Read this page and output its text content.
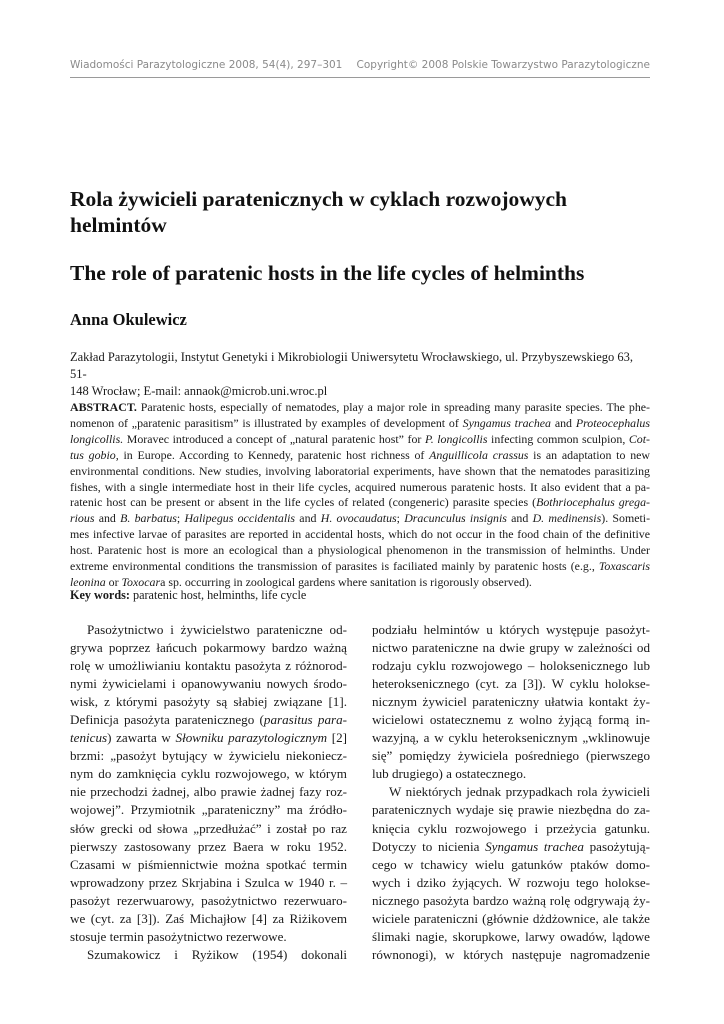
Wiadomości Parazytologiczne 2008, 54(4), 297–301 Copyright© 2008 Polskie Towarzystwo Parazytologiczne
Rola żywicieli paratenicznych w cyklach rozwojowych
helmintów
The role of paratenic hosts in the life cycles of helminths
Anna Okulewicz
Zakład Parazytologii, Instytut Genetyki i Mikrobiologii Uniwersytetu Wrocławskiego, ul. Przybyszewskiego 63, 51-
148 Wrocław; E-mail: annaok@microb.uni.wroc.pl
ABSTRACT. Paratenic hosts, especially of nematodes, play a major role in spreading many parasite species. The phe-
nomenon of „paratenic parasitism” is illustrated by examples of development of Syngamus trachea and Proteocephalus
longicollis. Moravec introduced a concept of „natural paratenic host” for P. longicollis infecting common sculpion, Cot-
tus gobio, in Europe. According to Kennedy, paratenic host richness of Anguillicola crassus is an adaptation to new
environmental conditions. New studies, involving laboratorial experiments, have shown that the nematodes parasitizing
fishes, with a single intermediate host in their life cycles, acquired numerous paratenic hosts. It also evident that a pa-
ratenic host can be present or absent in the life cycles of related (congeneric) parasite species (Bothriocephalus grega-
rious and B. barbatus; Halipegus occidentalis and H. ovocaudatus; Dracunculus insignis and D. medinensis). Someti-
mes infective larvae of parasites are reported in accidental hosts, which do not occur in the food chain of the definitive
host. Paratenic host is more an ecological than a physiological phenomenon in the transmission of helminths. Under
extreme environmental conditions the transmission of parasites is faciliated mainly by paratenic hosts (e.g., Toxascaris
leonina or Toxocara sp. occurring in zoological gardens where sanitation is rigorously observed).
Key words: paratenic host, helminths, life cycle
Pasożytnictwo i żywicielstwo parateniczne od-
grywa poprzez łańcuch pokarmowy bardzo ważną
rolę w umożliwianiu kontaktu pasożyta z różnorod-
nymi żywicielami i opanowywaniu nowych środo-
wisk, z którymi pasożyty są słabiej związane [1].
Definicja pasożyta paratenicznego (parasitus para-
tenicus) zawarta w Słowniku parazytologicznym [2]
brzmi: „pasożyt bytujący w żywicielu niekoniecz-
nym do zamknięcia cyklu rozwojowego, w którym
nie przechodzi żadnej, albo prawie żadnej fazy roz-
wojowej”. Przymiotnik „parateniczny” ma źródło-
słów grecki od słowa „przedłużać” i został po raz
pierwszy zastosowany przez Baera w roku 1952.
Czasami w piśmiennictwie można spotkać termin
wprowadzony przez Skrjabina i Szulca w 1940 r. –
pasożyt rezerwuarowy, pasożytnictwo rezerwuaro-
we (cyt. za [3]). Zaś Michajłow [4] za Riżikovem
stosuje termin pasożytnictwo rezerwowe.
Szumakowicz i Ryżikow (1954) dokonali
podziału helmintów u których występuje pasożyt-
nictwo parateniczne na dwie grupy w zależności od
rodzaju cyklu rozwojowego – holoksenicznego lub
heteroksenicznego (cyt. za [3]). W cyklu holokse-
nicznym żywiciel parateniczny ułatwia kontakt ży-
wicielowi ostatecznemu z wolno żyjącą formą in-
wazyjną, a w cyklu heteroksenicznym „wklinowuje
się” pomiędzy żywiciela pośredniego (pierwszego
lub drugiego) a ostatecznego.
W niektórych jednak przypadkach rola żywicieli
paratenicznych wydaje się prawie niezbędna do za-
knięcia cyklu rozwojowego i przeżycia gatunku.
Dotyczy to nicienia Syngamus trachea pasożytują-
cego w tchawicy wielu gatunków ptaków domo-
wych i dziko żyjących. W rozwoju tego holokse-
nicznego pasożyta bardzo ważną rolę odgrywają ży-
wiciele parateniczni (głównie dżdżownice, ale także
ślimaki nagie, skorupkowe, larwy owadów, lądowe
równonogi), w których następuje nagromadzenie
